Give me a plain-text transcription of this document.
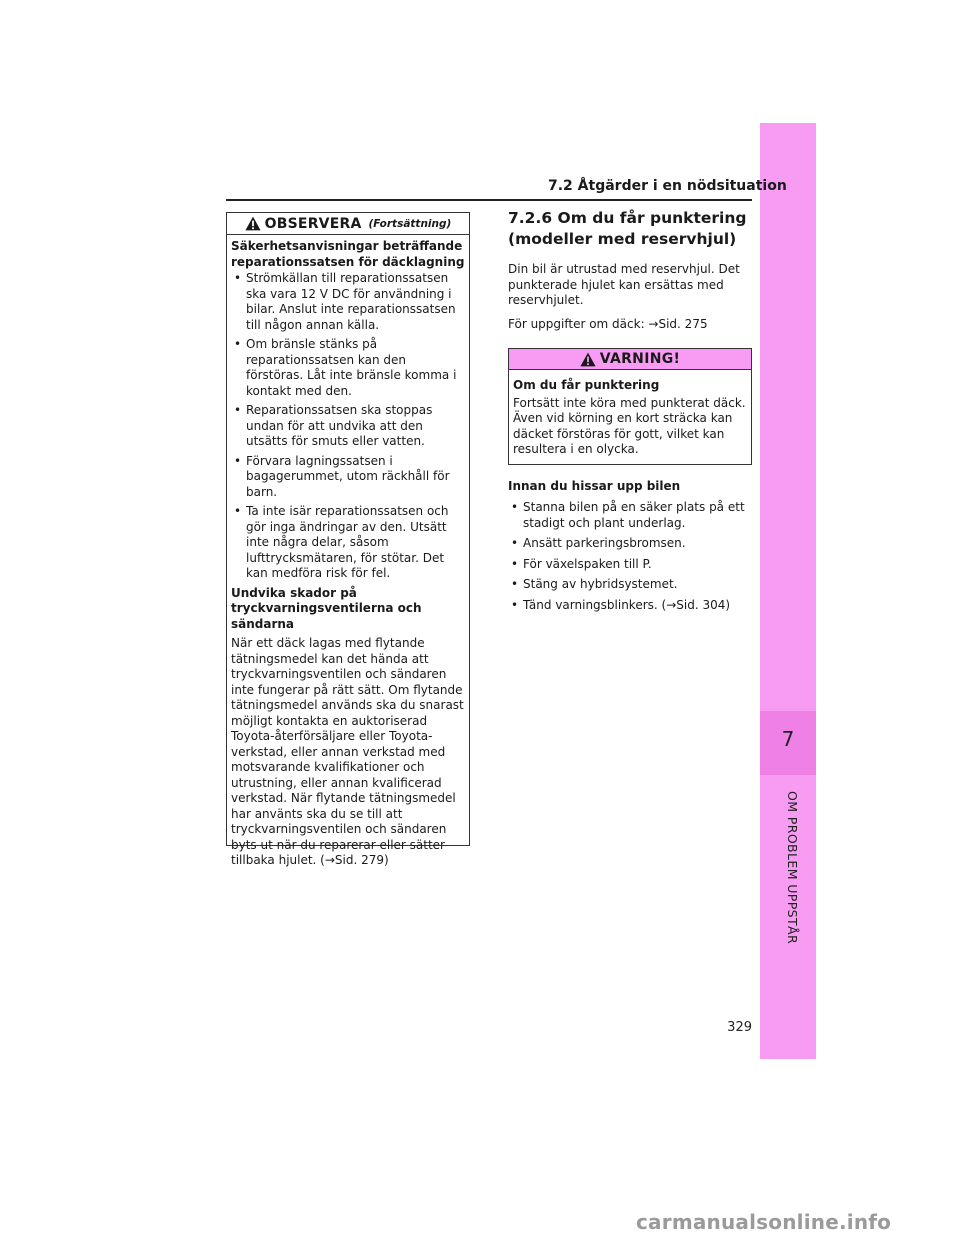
7
OM PROBLEM UPPSTÅR
7.2 Åtgärder i en nödsituation
OBSERVERA (Fortsättning)
Säkerhetsanvisningar beträffande reparationssatsen för däcklagning
• Strömkällan till reparationssatsen ska vara 12 V DC för användning i bilar. Anslut inte reparationssatsen till någon annan källa.
• Om bränsle stänks på reparationssatsen kan den förstöras. Låt inte bränsle komma i kontakt med den.
• Reparationssatsen ska stoppas undan för att undvika att den utsätts för smuts eller vatten.
• Förvara lagningssatsen i bagagerummet, utom räckhåll för barn.
• Ta inte isär reparationssatsen och gör inga ändringar av den. Utsätt inte några delar, såsom lufttrycksmätaren, för stötar. Det kan medföra risk för fel.
Undvika skador på tryckvarningsventilerna och sändarna
När ett däck lagas med flytande tätningsmedel kan det hända att tryckvarningsventilen och sändaren inte fungerar på rätt sätt. Om flytande tätningsmedel används ska du snarast möjligt kontakta en auktoriserad Toyota-återförsäljare eller Toyota-verkstad, eller annan verkstad med motsvarande kvalifikationer och utrustning, eller annan kvalificerad verkstad. När flytande tätningsmedel har använts ska du se till att tryckvarningsventilen och sändaren byts ut när du reparerar eller sätter tillbaka hjulet. (→Sid. 279)
7.2.6 Om du får punktering (modeller med reservhjul)
Din bil är utrustad med reservhjul. Det punkterade hjulet kan ersättas med reservhjulet.
För uppgifter om däck: →Sid. 275
VARNING!
Om du får punktering
Fortsätt inte köra med punkterat däck. Även vid körning en kort sträcka kan däcket förstöras för gott, vilket kan resultera i en olycka.
Innan du hissar upp bilen
• Stanna bilen på en säker plats på ett stadigt och plant underlag.
• Ansätt parkeringsbromsen.
• För växelspaken till P.
• Stäng av hybridsystemet.
• Tänd varningsblinkers. (→Sid. 304)
329
carmanualsonline.info
